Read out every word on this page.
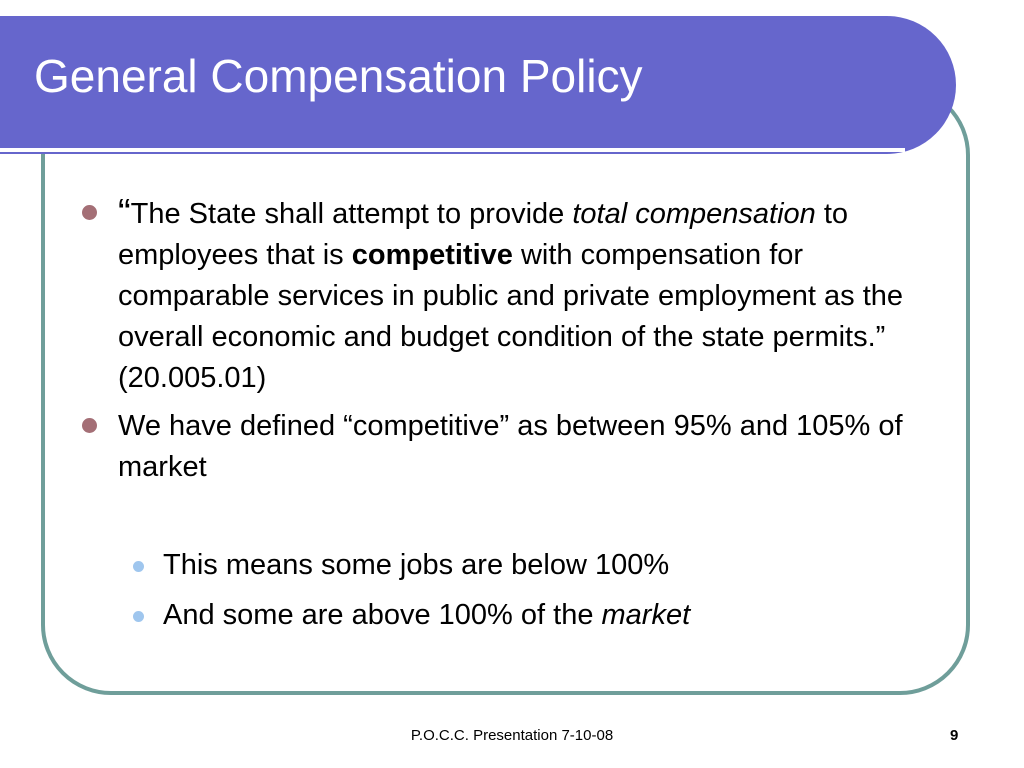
General Compensation Policy
“The State shall attempt to provide total compensation to employees that is competitive with compensation for comparable services in public and private employment as the overall economic and budget condition of the state permits.” (20.005.01)
We have defined “competitive” as between 95% and 105% of market
This means some jobs are below 100%
And some are above 100% of the market
P.O.C.C. Presentation 7-10-08	9
